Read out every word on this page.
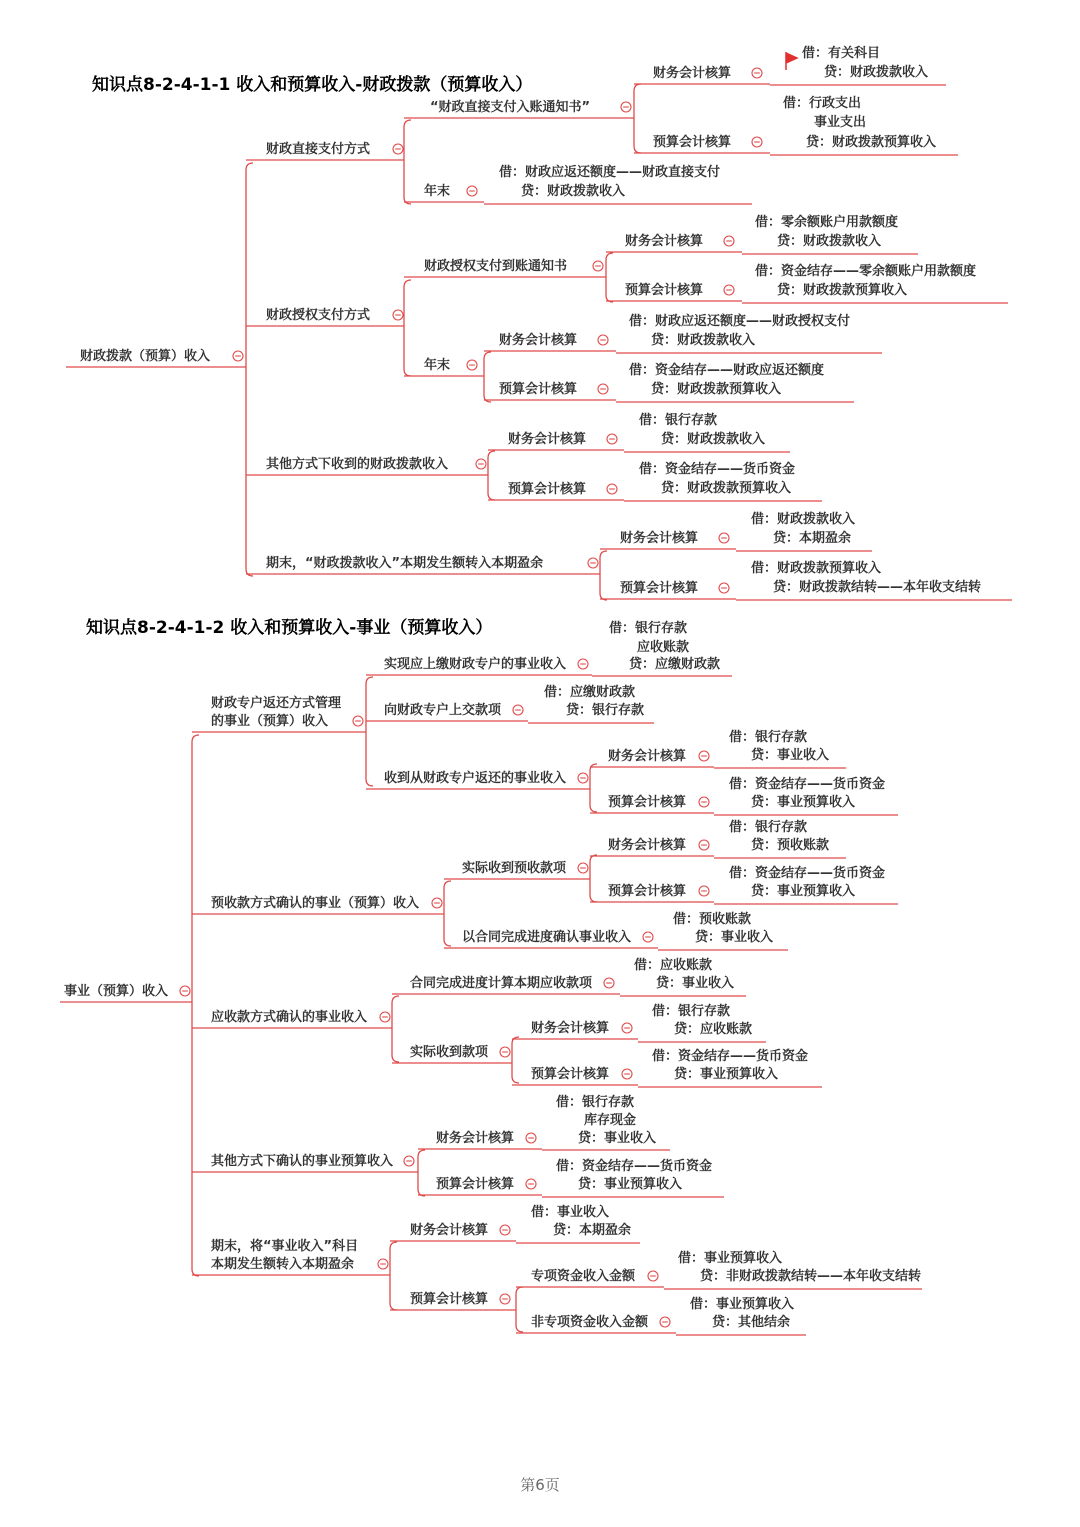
财政拨款（预算）收入
财政直接支付方式
“财政直接支付入账通知书”
财务会计核算
借：有关科目
贷：财政拨款收入
预算会计核算
借：行政支出
事业支出
贷：财政拨款预算收入
年末
借：财政应返还额度——财政直接支付
贷：财政拨款收入
财政授权支付方式
财政授权支付到账通知书
财务会计核算
借：零余额账户用款额度
贷：财政拨款收入
预算会计核算
借：资金结存——零余额账户用款额度
贷：财政拨款预算收入
年末
财务会计核算
借：财政应返还额度——财政授权支付
贷：财政拨款收入
预算会计核算
借：资金结存——财政应返还额度
贷：财政拨款预算收入
其他方式下收到的财政拨款收入
财务会计核算
借：银行存款
贷：财政拨款收入
预算会计核算
借：资金结存——货币资金
贷：财政拨款预算收入
期末，“财政拨款收入”本期发生额转入本期盈余
财务会计核算
借：财政拨款收入
贷：本期盈余
预算会计核算
借：财政拨款预算收入
贷：财政拨款结转——本年收支结转
事业（预算）收入
财政专户返还方式管理
的事业（预算）收入
实现应上缴财政专户的事业收入
借：银行存款
应收账款
贷：应缴财政款
向财政专户上交款项
借：应缴财政款
贷：银行存款
收到从财政专户返还的事业收入
财务会计核算
借：银行存款
贷：事业收入
预算会计核算
借：资金结存——货币资金
贷：事业预算收入
预收款方式确认的事业（预算）收入
实际收到预收款项
财务会计核算
借：银行存款
贷：预收账款
预算会计核算
借：资金结存——货币资金
贷：事业预算收入
以合同完成进度确认事业收入
借：预收账款
贷：事业收入
应收款方式确认的事业收入
合同完成进度计算本期应收款项
借：应收账款
贷：事业收入
实际收到款项
财务会计核算
借：银行存款
贷：应收账款
预算会计核算
借：资金结存——货币资金
贷：事业预算收入
其他方式下确认的事业预算收入
财务会计核算
借：银行存款
库存现金
贷：事业收入
预算会计核算
借：资金结存——货币资金
贷：事业预算收入
期末，将“事业收入”科目
本期发生额转入本期盈余
财务会计核算
借：事业收入
贷：本期盈余
预算会计核算
专项资金收入金额
借：事业预算收入
贷：非财政拨款结转——本年收支结转
非专项资金收入金额
借：事业预算收入
贷：其他结余
知识点8-2-4-1-1 收入和预算收入-财政拨款（预算收入）
知识点8-2-4-1-2 收入和预算收入-事业（预算收入）
第6页
